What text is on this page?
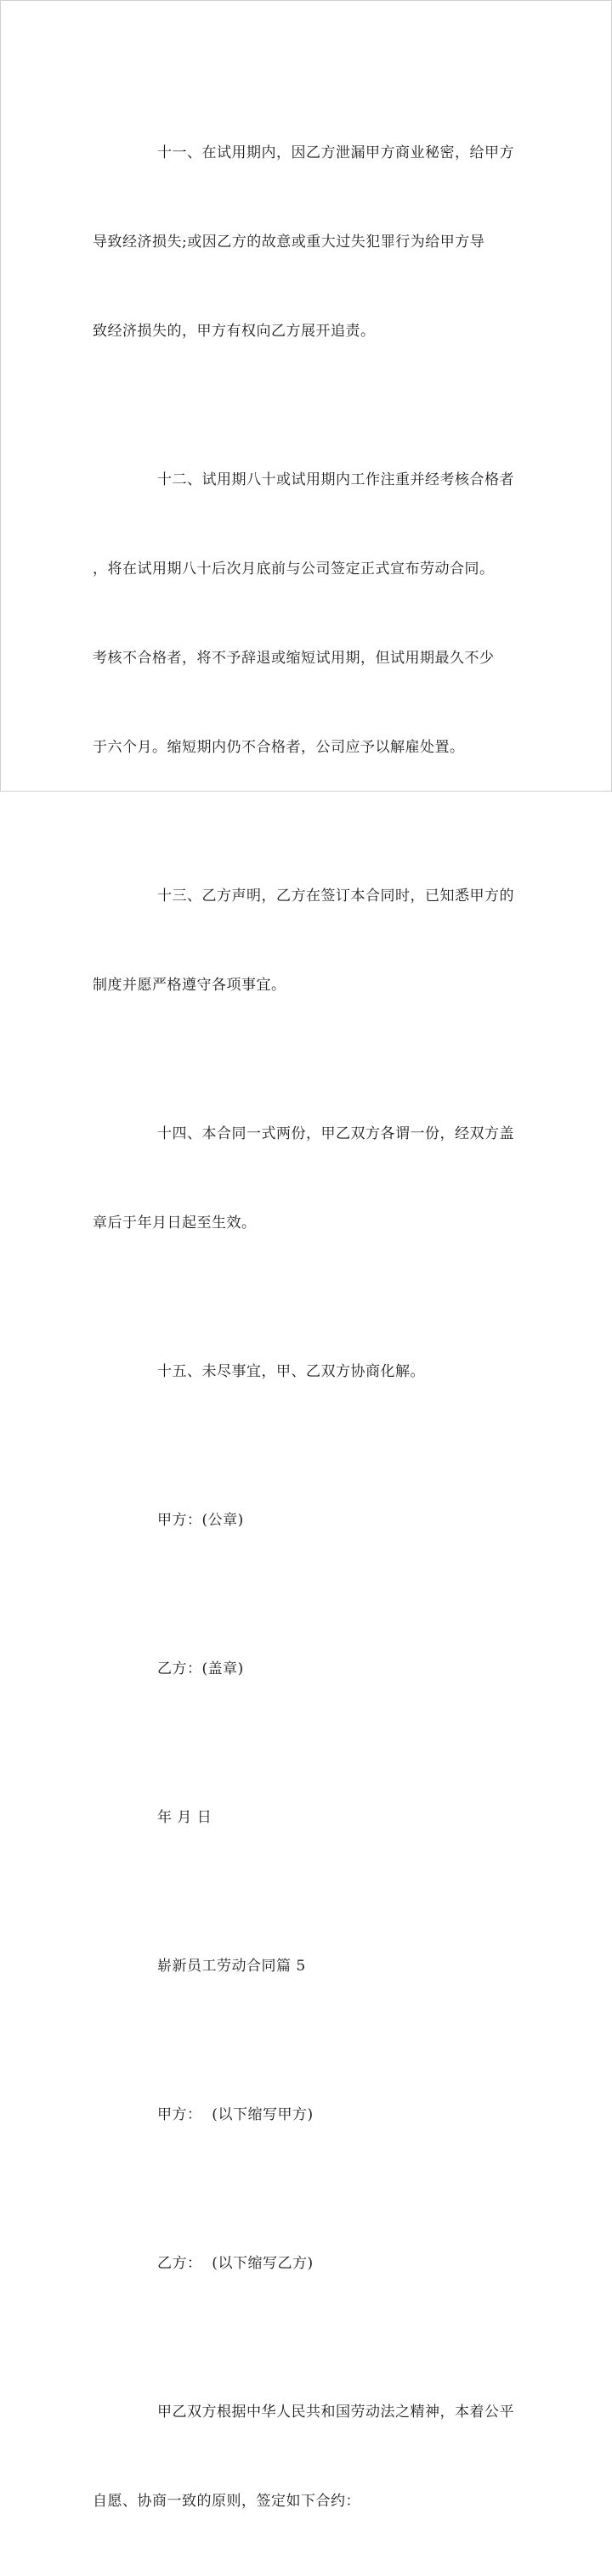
十一、在试用期内，因乙方泄漏甲方商业秘密，给甲方

导致经济损失;或因乙方的故意或重大过失犯罪行为给甲方导

致经济损失的，甲方有权向乙方展开追责。

十二、试用期八十或试用期内工作注重并经考核合格者

，将在试用期八十后次月底前与公司签定正式宣布劳动合同。

考核不合格者，将不予辞退或缩短试用期，但试用期最久不少

于六个月。缩短期内仍不合格者，公司应予以解雇处置。

十三、乙方声明，乙方在签订本合同时，已知悉甲方的

制度并愿严格遵守各项事宜。

十四、本合同一式两份，甲乙双方各谓一份，经双方盖

章后于年月日起至生效。

十五、未尽事宜，甲、乙双方协商化解。

甲方：(公章)

乙方：(盖章)

年 月 日

崭新员工劳动合同篇 5

甲方：  (以下缩写甲方)

乙方：  (以下缩写乙方)

甲乙双方根据中华人民共和国劳动法之精神，本着公平

自愿、协商一致的原则，签定如下合约：
